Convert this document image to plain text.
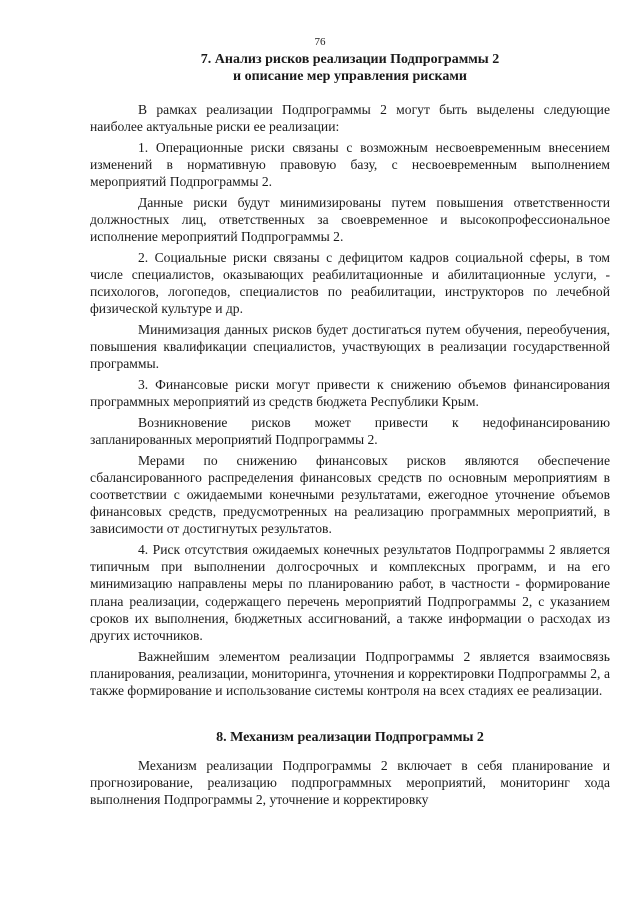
76
7. Анализ рисков реализации Подпрограммы 2
и описание мер управления рисками

В рамках реализации Подпрограммы 2 могут быть выделены следующие наиболее актуальные риски ее реализации:

1. Операционные риски связаны с возможным несвоевременным внесением изменений в нормативную правовую базу, с несвоевременным выполнением мероприятий Подпрограммы 2.

Данные риски будут минимизированы путем повышения ответственности должностных лиц, ответственных за своевременное и высокопрофессиональное исполнение мероприятий Подпрограммы 2.

2. Социальные риски связаны с дефицитом кадров социальной сферы, в том числе специалистов, оказывающих реабилитационные и абилитационные услуги, - психологов, логопедов, специалистов по реабилитации, инструкторов по лечебной физической культуре и др.

Минимизация данных рисков будет достигаться путем обучения, переобучения, повышения квалификации специалистов, участвующих в реализации государственной программы.

3. Финансовые риски могут привести к снижению объемов финансирования программных мероприятий из средств бюджета Республики Крым.

Возникновение рисков может привести к недофинансированию запланированных мероприятий Подпрограммы 2.

Мерами по снижению финансовых рисков являются обеспечение сбалансированного распределения финансовых средств по основным мероприятиям в соответствии с ожидаемыми конечными результатами, ежегодное уточнение объемов финансовых средств, предусмотренных на реализацию программных мероприятий, в зависимости от достигнутых результатов.

4. Риск отсутствия ожидаемых конечных результатов Подпрограммы 2 является типичным при выполнении долгосрочных и комплексных программ, и на его минимизацию направлены меры по планированию работ, в частности - формирование плана реализации, содержащего перечень мероприятий Подпрограммы 2, с указанием сроков их выполнения, бюджетных ассигнований, а также информации о расходах из других источников.

Важнейшим элементом реализации Подпрограммы 2 является взаимосвязь планирования, реализации, мониторинга, уточнения и корректировки Подпрограммы 2, а также формирование и использование системы контроля на всех стадиях ее реализации.

8. Механизм реализации Подпрограммы 2

Механизм реализации Подпрограммы 2 включает в себя планирование и прогнозирование, реализацию подпрограммных мероприятий, мониторинг хода выполнения Подпрограммы 2, уточнение и корректировку
